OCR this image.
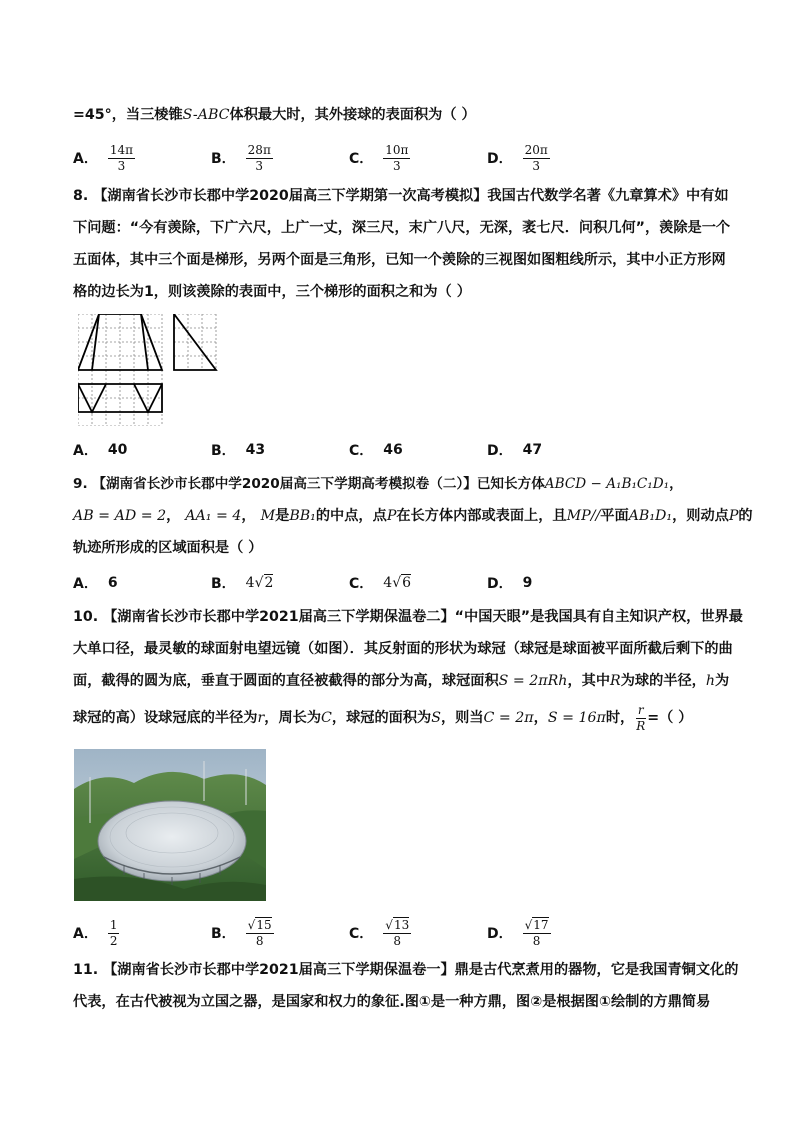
=45°，当三棱锥S-ABC体积最大时，其外接球的表面积为（ ）
A． $\frac{14\pi}{3}$	B． $\frac{28\pi}{3}$	C． $\frac{10\pi}{3}$	D． $\frac{20\pi}{3}$
8. 【湖南省长沙市长郡中学2020届高三下学期第一次高考模拟】我国古代数学名著《九章算术》中有如
下问题：“今有羡除，下广六尺，上广一丈，深三尺，末广八尺，无深，袤七尺．问积几何”，羡除是一个
五面体，其中三个面是梯形，另两个面是三角形，已知一个羡除的三视图如图粗线所示，其中小正方形网
格的边长为1，则该羡除的表面中，三个梯形的面积之和为（ ）
A． 40	B． 43	C． 46	D． 47
9. 【湖南省长沙市长郡中学2020届高三下学期高考模拟卷（二）】已知长方体ABCD − A₁B₁C₁D₁，
AB = AD = 2， AA₁ = 4， M是BB₁的中点，点P在长方体内部或表面上，且MP//平面AB₁D₁，则动点P的
轨迹所形成的区域面积是（ ）
A． 6	B． 4√2	C． 4√6	D． 9
10. 【湖南省长沙市长郡中学2021届高三下学期保温卷二】“中国天眼”是我国具有自主知识产权，世界最
大单口径，最灵敏的球面射电望远镜（如图）．其反射面的形状为球冠（球冠是球面被平面所截后剩下的曲
面，截得的圆为底，垂直于圆面的直径被截得的部分为高，球冠面积S = 2πRh，其中R为球的半径，h为
球冠的高）设球冠底的半径为 r ，周长为 C ，球冠的面积为 S ，则当 C = 2π ， S = 16π 时， $\frac{r}{R}$ =（ ）
A． $\frac{1}{2}$	B． $\frac{√15}{8}$	C． $\frac{√13}{8}$	D． $\frac{√17}{8}$
11. 【湖南省长沙市长郡中学2021届高三下学期保温卷一】鼎是古代烹煮用的器物，它是我国青铜文化的
代表，在古代被视为立国之器，是国家和权力的象征.图①是一种方鼎，图②是根据图①绘制的方鼎简易
